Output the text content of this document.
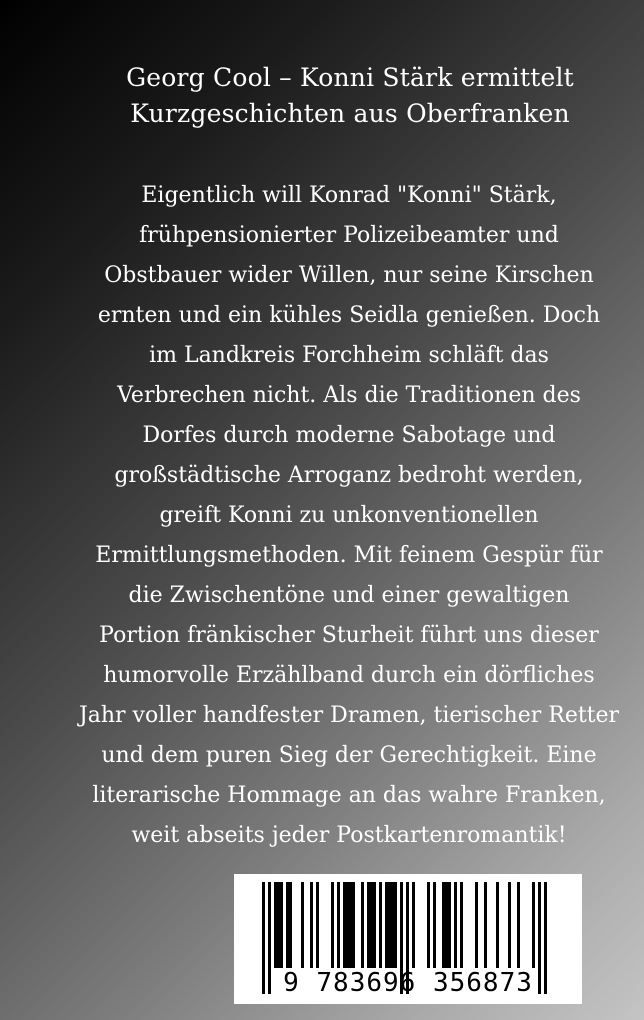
Georg Cool – Konni Stärk ermittelt
Kurzgeschichten aus Oberfranken
Eigentlich will Konrad "Konni" Stärk,
frühpensionierter Polizeibeamter und
Obstbauer wider Willen, nur seine Kirschen
ernten und ein kühles Seidla genießen. Doch
im Landkreis Forchheim schläft das
Verbrechen nicht. Als die Traditionen des
Dorfes durch moderne Sabotage und
großstädtische Arroganz bedroht werden,
greift Konni zu unkonventionellen
Ermittlungsmethoden. Mit feinem Gespür für
die Zwischentöne und einer gewaltigen
Portion fränkischer Sturheit führt uns dieser
humorvolle Erzählband durch ein dörfliches
Jahr voller handfester Dramen, tierischer Retter
und dem puren Sieg der Gerechtigkeit. Eine
literarische Hommage an das wahre Franken,
weit abseits jeder Postkartenromantik!
9 783696 356873
